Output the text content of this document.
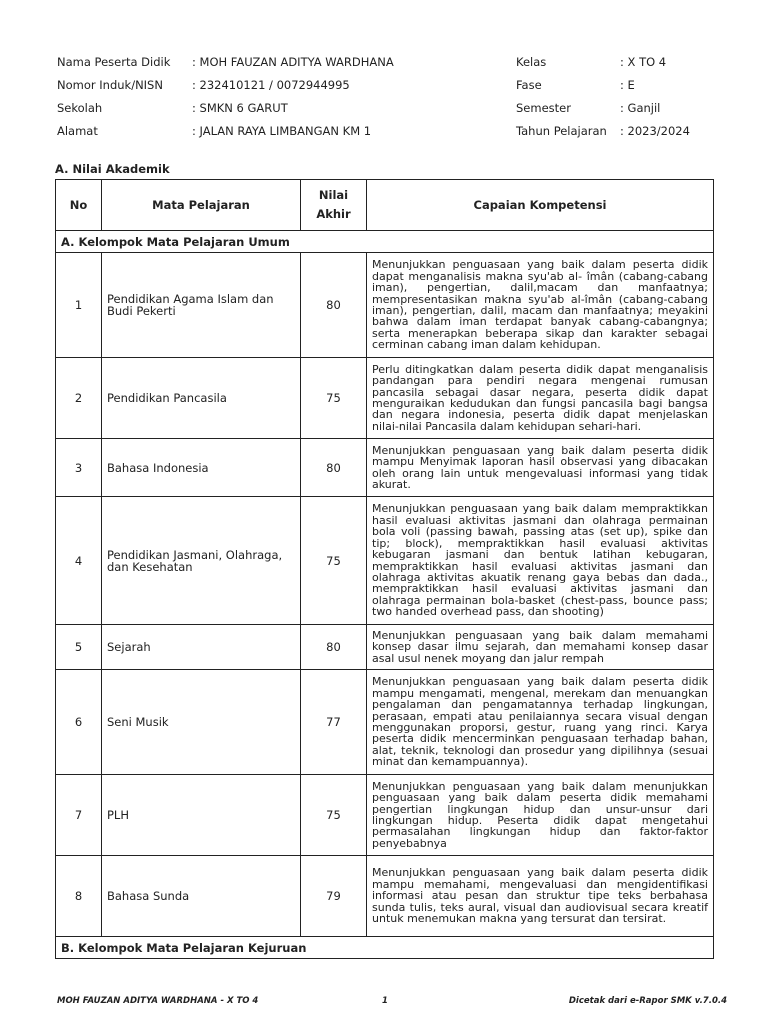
Nama Peserta Didik : MOH FAUZAN ADITYA WARDHANA	Kelas	: X TO 4
Nomor Induk/NISN	: 232410121 / 0072944995	Fase	: E
Sekolah	: SMKN 6 GARUT	Semester	: Ganjil
Alamat	: JALAN RAYA LIMBANGAN KM 1	Tahun Pelajaran : 2023/2024
A. Nilai Akademik
No	Mata Pelajaran	Nilai Akhir	Capaian Kompetensi
A. Kelompok Mata Pelajaran Umum			
1	Pendidikan Agama Islam dan Budi Pekerti	80	Menunjukkan penguasaan yang baik dalam peserta didik dapat menganalisis makna syu'ab al- îmân (cabang-cabang iman), pengertian, dalil,macam dan manfaatnya; mempresentasikan makna syu'ab al-îmân (cabang-cabang iman), pengertian, dalil, macam dan manfaatnya; meyakini bahwa dalam iman terdapat banyak cabang-cabangnya; serta menerapkan beberapa sikap dan karakter sebagai cerminan cabang iman dalam kehidupan.
2	Pendidikan Pancasila	75	Perlu ditingkatkan dalam peserta didik dapat menganalisis pandangan para pendiri negara mengenai rumusan pancasila sebagai dasar negara, peserta didik dapat menguraikan kedudukan dan fungsi pancasila bagi bangsa dan negara indonesia, peserta didik dapat menjelaskan nilai-nilai Pancasila dalam kehidupan sehari-hari.
3	Bahasa Indonesia	80	Menunjukkan penguasaan yang baik dalam peserta didik mampu Menyimak laporan hasil observasi yang dibacakan oleh orang lain untuk mengevaluasi informasi yang tidak akurat.
4	Pendidikan Jasmani, Olahraga, dan Kesehatan	75	Menunjukkan penguasaan yang baik dalam mempraktikkan hasil evaluasi aktivitas jasmani dan olahraga permainan bola voli (passing bawah, passing atas (set up), spike dan tip; block), mempraktikkan hasil evaluasi aktivitas kebugaran jasmani dan bentuk latihan kebugaran, mempraktikkan hasil evaluasi aktivitas jasmani dan olahraga aktivitas akuatik renang gaya bebas dan dada., mempraktikkan hasil evaluasi aktivitas jasmani dan olahraga permainan bola-basket (chest-pass, bounce pass; two handed overhead pass, dan shooting)
5	Sejarah	80	Menunjukkan penguasaan yang baik dalam memahami konsep dasar ilmu sejarah, dan memahami konsep dasar asal usul nenek moyang dan jalur rempah
6	Seni Musik	77	Menunjukkan penguasaan yang baik dalam peserta didik mampu mengamati, mengenal, merekam dan menuangkan pengalaman dan pengamatannya terhadap lingkungan, perasaan, empati atau penilaiannya secara visual dengan menggunakan proporsi, gestur, ruang yang rinci. Karya peserta didik mencerminkan penguasaan terhadap bahan, alat, teknik, teknologi dan prosedur yang dipilihnya (sesuai minat dan kemampuannya).
7	PLH	75	Menunjukkan penguasaan yang baik dalam menunjukkan penguasaan yang baik dalam peserta didik memahami pengertian lingkungan hidup dan unsur-unsur dari lingkungan hidup. Peserta didik dapat mengetahui permasalahan lingkungan hidup dan faktor-faktor penyebabnya
8	Bahasa Sunda	79	Menunjukkan penguasaan yang baik dalam peserta didik mampu memahami, mengevaluasi dan mengidentifikasi informasi atau pesan dan struktur tipe teks berbahasa sunda tulis, teks aural, visual dan audiovisual secara kreatif untuk menemukan makna yang tersurat dan tersirat.
B. Kelompok Mata Pelajaran Kejuruan			
MOH FAUZAN ADITYA WARDHANA - X TO 4	1	Dicetak dari e-Rapor SMK v.7.0.4
